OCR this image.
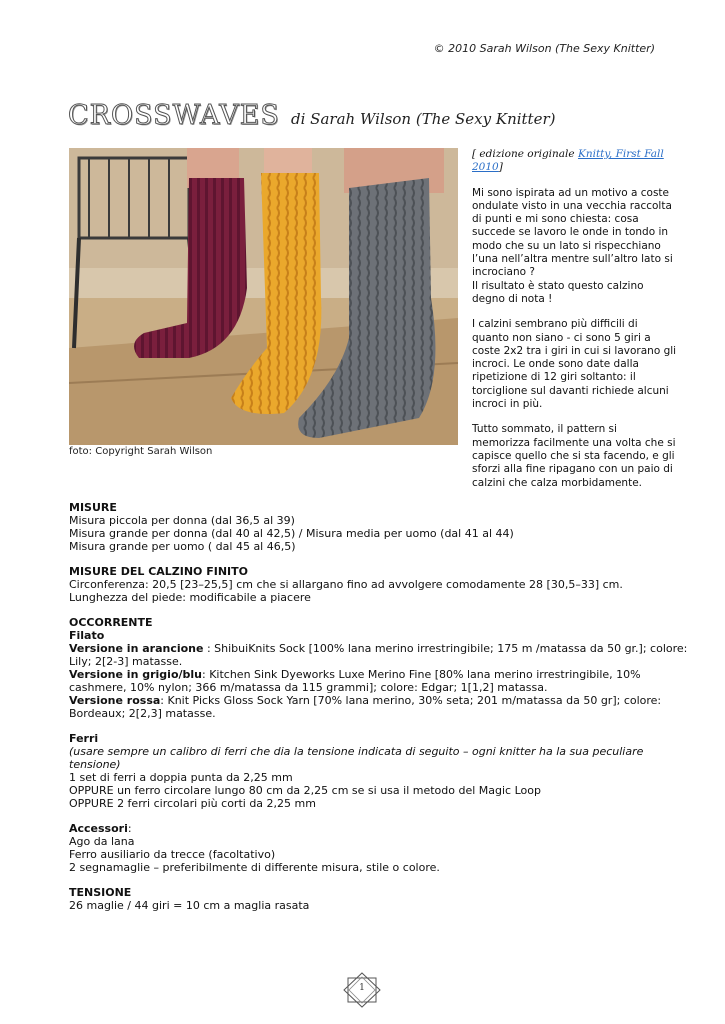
© 2010 Sarah Wilson (The Sexy Knitter)
CROSSWAVES di Sarah Wilson (The Sexy Knitter)
foto: Copyright Sarah Wilson

[ edizione originale Knitty, First Fall 2010]

Mi sono ispirata ad un motivo a coste ondulate visto in una vecchia raccolta di punti e mi sono chiesta: cosa succede se lavoro le onde in tondo in modo che su un lato si rispecchiano l’una nell’altra mentre sull’altro lato si incrociano ?
Il risultato è stato questo calzino degno di nota !

I calzini sembrano più difficili di quanto non siano - ci sono 5 giri a coste 2x2 tra i giri in cui si lavorano gli incroci. Le onde sono date dalla ripetizione di 12 giri soltanto: il torciglione sul davanti richiede alcuni incroci in più.

Tutto sommato, il pattern si memorizza facilmente una volta che si capisce quello che si sta facendo, e gli sforzi alla fine ripagano con un paio di calzini che calza morbidamente.

MISURE
Misura piccola per donna (dal 36,5 al 39)
Misura grande per donna (dal 40 al 42,5) / Misura media per uomo (dal 41 al 44)
Misura grande per uomo ( dal 45 al 46,5)
MISURE DEL CALZINO FINITO
Circonferenza: 20,5 [23–25,5] cm che si allargano fino ad avvolgere comodamente 28 [30,5–33] cm.
Lunghezza del piede: modificabile a piacere
OCCORRENTE
Filato
Versione in arancione : ShibuiKnits Sock [100% lana merino irrestringibile; 175 m /matassa da 50 gr.]; colore: Lily; 2[2-3] matasse.
Versione in grigio/blu: Kitchen Sink Dyeworks Luxe Merino Fine [80% lana merino irrestringibile, 10% cashmere, 10% nylon; 366 m/matassa da 115 grammi]; colore: Edgar; 1[1,2] matassa.
Versione rossa: Knit Picks Gloss Sock Yarn [70% lana merino, 30% seta; 201 m/matassa da 50 gr]; colore: Bordeaux; 2[2,3] matasse.
Ferri
(usare sempre un calibro di ferri che dia la tensione indicata di seguito – ogni knitter ha la sua peculiare tensione)
1 set di ferri a doppia punta da 2,25 mm
OPPURE un ferro circolare lungo 80 cm da 2,25 cm se si usa il metodo del Magic Loop
OPPURE 2 ferri circolari più corti da 2,25 mm
Accessori:
Ago da lana
Ferro ausiliario da trecce (facoltativo)
2 segnamaglie – preferibilmente di differente misura, stile o colore.
TENSIONE
26 maglie / 44 giri = 10 cm a maglia rasata
1
